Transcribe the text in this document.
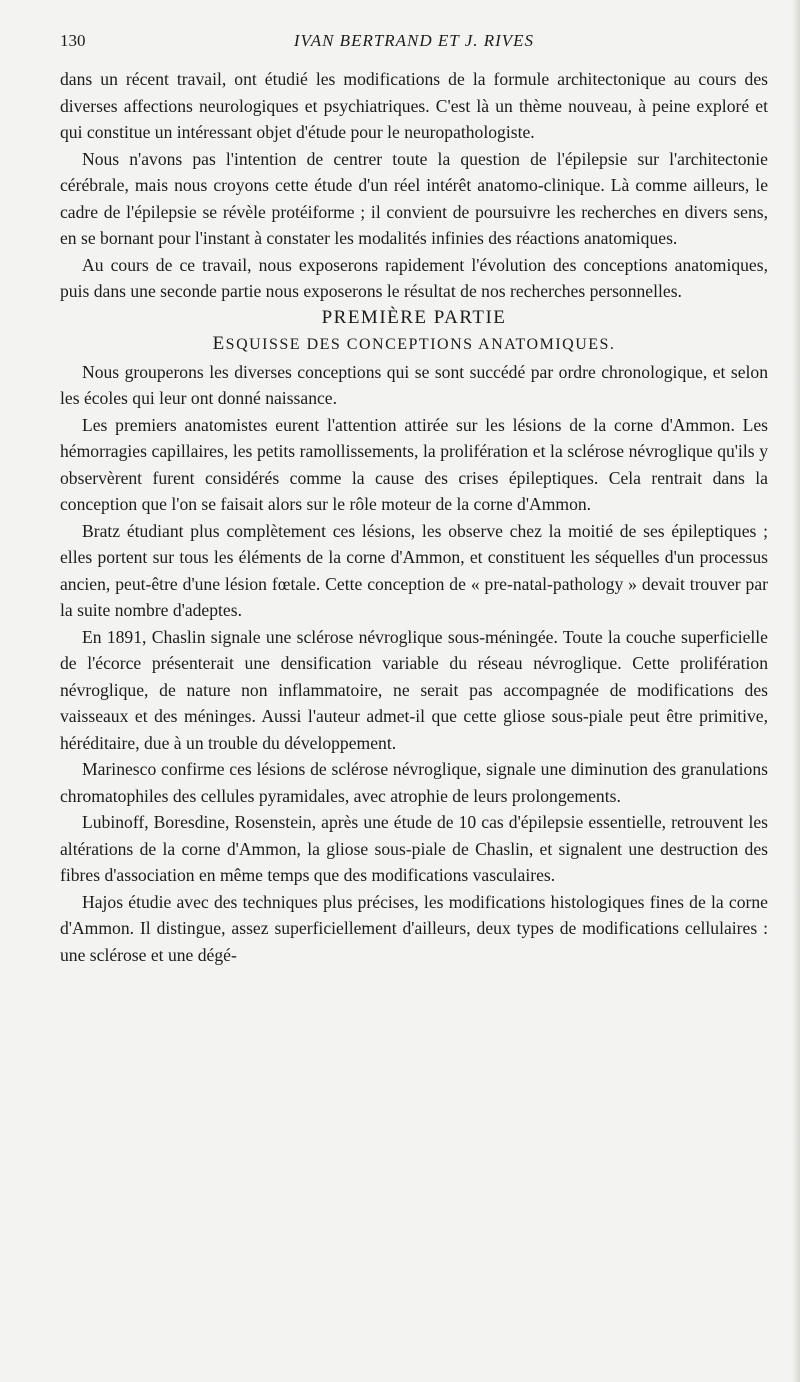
130	IVAN BERTRAND ET J. RIVES

dans un récent travail, ont étudié les modifications de la formule architectonique au cours des diverses affections neurologiques et psychiatriques. C'est là un thème nouveau, à peine exploré et qui constitue un intéressant objet d'étude pour le neuropathologiste.

Nous n'avons pas l'intention de centrer toute la question de l'épilepsie sur l'architectonie cérébrale, mais nous croyons cette étude d'un réel intérêt anatomo-clinique. Là comme ailleurs, le cadre de l'épilepsie se révèle protéiforme ; il convient de poursuivre les recherches en divers sens, en se bornant pour l'instant à constater les modalités infinies des réactions anatomiques.

Au cours de ce travail, nous exposerons rapidement l'évolution des conceptions anatomiques, puis dans une seconde partie nous exposerons le résultat de nos recherches personnelles.

PREMIÈRE PARTIE

ESQUISSE DES CONCEPTIONS ANATOMIQUES.

Nous grouperons les diverses conceptions qui se sont succédé par ordre chronologique, et selon les écoles qui leur ont donné naissance.

Les premiers anatomistes eurent l'attention attirée sur les lésions de la corne d'Ammon. Les hémorragies capillaires, les petits ramollissements, la prolifération et la sclérose névroglique qu'ils y observèrent furent considérés comme la cause des crises épileptiques. Cela rentrait dans la conception que l'on se faisait alors sur le rôle moteur de la corne d'Ammon.

Bratz étudiant plus complètement ces lésions, les observe chez la moitié de ses épileptiques ; elles portent sur tous les éléments de la corne d'Ammon, et constituent les séquelles d'un processus ancien, peut-être d'une lésion fœtale. Cette conception de « pre-natal-pathology » devait trouver par la suite nombre d'adeptes.

En 1891, Chaslin signale une sclérose névroglique sous-méningée. Toute la couche superficielle de l'écorce présenterait une densification variable du réseau névroglique. Cette prolifération névroglique, de nature non inflammatoire, ne serait pas accompagnée de modifications des vaisseaux et des méninges. Aussi l'auteur admet-il que cette gliose sous-piale peut être primitive, héréditaire, due à un trouble du développement.

Marinesco confirme ces lésions de sclérose névroglique, signale une diminution des granulations chromatophiles des cellules pyramidales, avec atrophie de leurs prolongements.

Lubinoff, Boresdine, Rosenstein, après une étude de 10 cas d'épilepsie essentielle, retrouvent les altérations de la corne d'Ammon, la gliose sous-piale de Chaslin, et signalent une destruction des fibres d'association en même temps que des modifications vasculaires.

Hajos étudie avec des techniques plus précises, les modifications histologiques fines de la corne d'Ammon. Il distingue, assez superficiellement d'ailleurs, deux types de modifications cellulaires : une sclérose et une dégé-
